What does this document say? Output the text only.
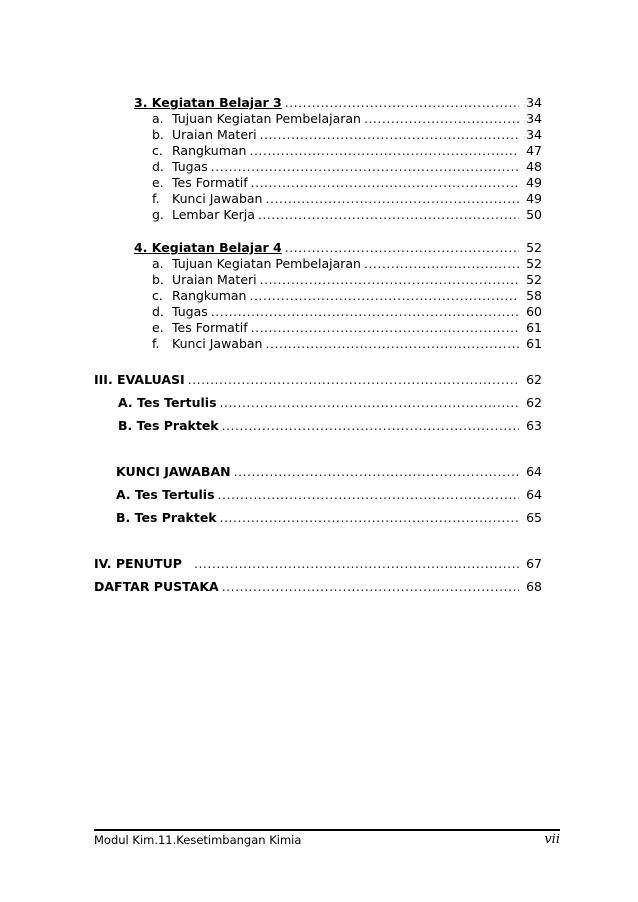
3. Kegiatan Belajar 3 .....	34
a. Tujuan Kegiatan Pembelajaran .....	34
b. Uraian Materi .....	34
c. Rangkuman .....	47
d. Tugas .....	48
e. Tes Formatif .....	49
f. Kunci Jawaban .....	49
g. Lembar Kerja .....	50
4. Kegiatan Belajar 4 .....	52
a. Tujuan Kegiatan Pembelajaran .....	52
b. Uraian Materi .....	52
c. Rangkuman .....	58
d. Tugas .....	60
e. Tes Formatif .....	61
f. Kunci Jawaban .....	61
III. EVALUASI .....	62
A. Tes Tertulis .....	62
B. Tes Praktek .....	63
KUNCI JAWABAN .....	64
A. Tes Tertulis .....	64
B. Tes Praktek .....	65
IV. PENUTUP .....	67
DAFTAR PUSTAKA .....	68
Modul Kim.11.Kesetimbangan Kimia	vii
